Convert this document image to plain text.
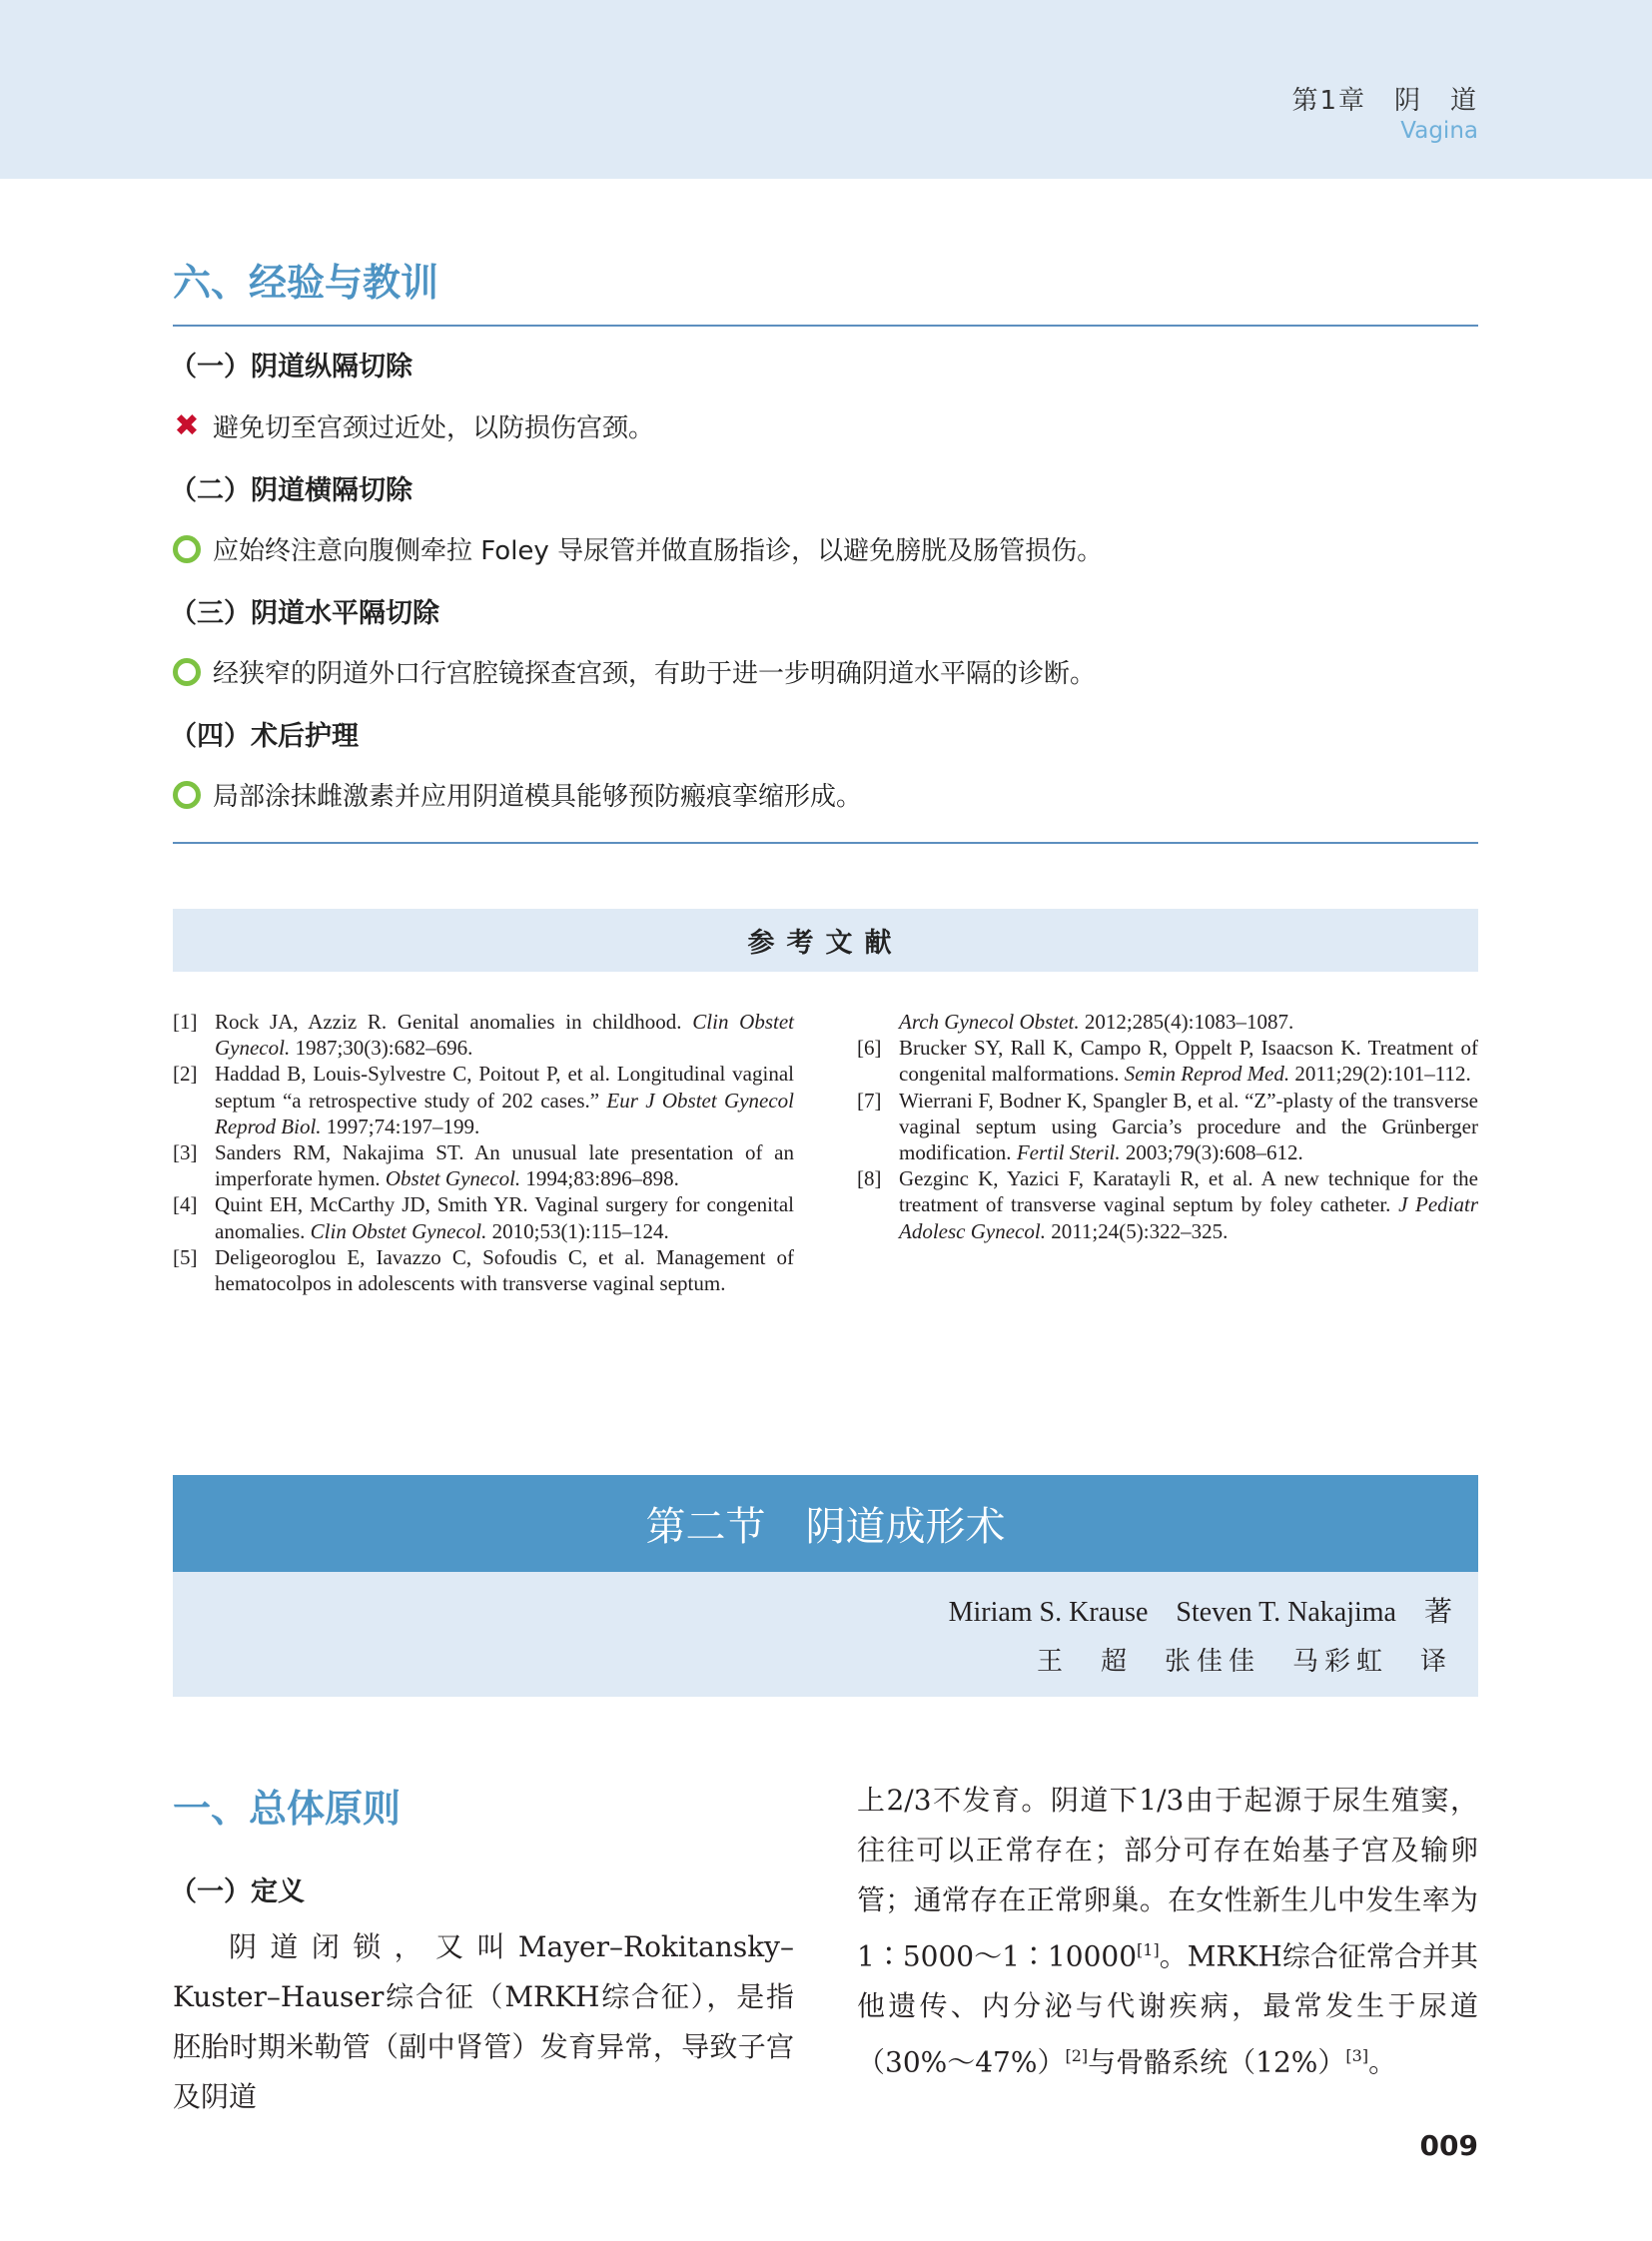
第1章　阴　道
Vagina
六、经验与教训
（一）阴道纵隔切除
✖ 避免切至宫颈过近处，以防损伤宫颈。
（二）阴道横隔切除
应始终注意向腹侧牵拉 Foley 导尿管并做直肠指诊，以避免膀胱及肠管损伤。
（三）阴道水平隔切除
经狭窄的阴道外口行宫腔镜探查宫颈，有助于进一步明确阴道水平隔的诊断。
（四）术后护理
局部涂抹雌激素并应用阴道模具能够预防瘢痕挛缩形成。
参考文献
[1] Rock JA, Azziz R. Genital anomalies in childhood. Clin Obstet Gynecol. 1987;30(3):682–696.
[2] Haddad B, Louis-Sylvestre C, Poitout P, et al. Longitudinal vaginal septum “a retrospective study of 202 cases.” Eur J Obstet Gynecol Reprod Biol. 1997;74:197–199.
[3] Sanders RM, Nakajima ST. An unusual late presentation of an imperforate hymen. Obstet Gynecol. 1994;83:896–898.
[4] Quint EH, McCarthy JD, Smith YR. Vaginal surgery for congenital anomalies. Clin Obstet Gynecol. 2010;53(1):115–124.
[5] Deligeoroglou E, Iavazzo C, Sofoudis C, et al. Management of hematocolpos in adolescents with transverse vaginal septum.
Arch Gynecol Obstet. 2012;285(4):1083–1087.
[6] Brucker SY, Rall K, Campo R, Oppelt P, Isaacson K. Treatment of congenital malformations. Semin Reprod Med. 2011;29(2):101–112.
[7] Wierrani F, Bodner K, Spangler B, et al. “Z”-plasty of the transverse vaginal septum using Garcia’s procedure and the Grünberger modification. Fertil Steril. 2003;79(3):608–612.
[8] Gezginc K, Yazici F, Karatayli R, et al. A new technique for the treatment of transverse vaginal septum by foley catheter. J Pediatr Adolesc Gynecol. 2011;24(5):322–325.
第二节　阴道成形术
Miriam S. Krause　Steven T. Nakajima　著
王　超　张佳佳　马彩虹　译
一、总体原则
（一）定义
阴道闭锁，又叫Mayer–Rokitansky–Kuster–Hauser综合征（MRKH综合征），是指胚胎时期米勒管（副中肾管）发育异常，导致子宫及阴道
上2/3不发育。阴道下1/3由于起源于尿生殖窦，往往可以正常存在；部分可存在始基子宫及输卵管；通常存在正常卵巢。在女性新生儿中发生率为1∶5000～1∶10000[1]。MRKH综合征常合并其他遗传、内分泌与代谢疾病，最常发生于尿道（30%～47%）[2]与骨骼系统（12%）[3]。
009
